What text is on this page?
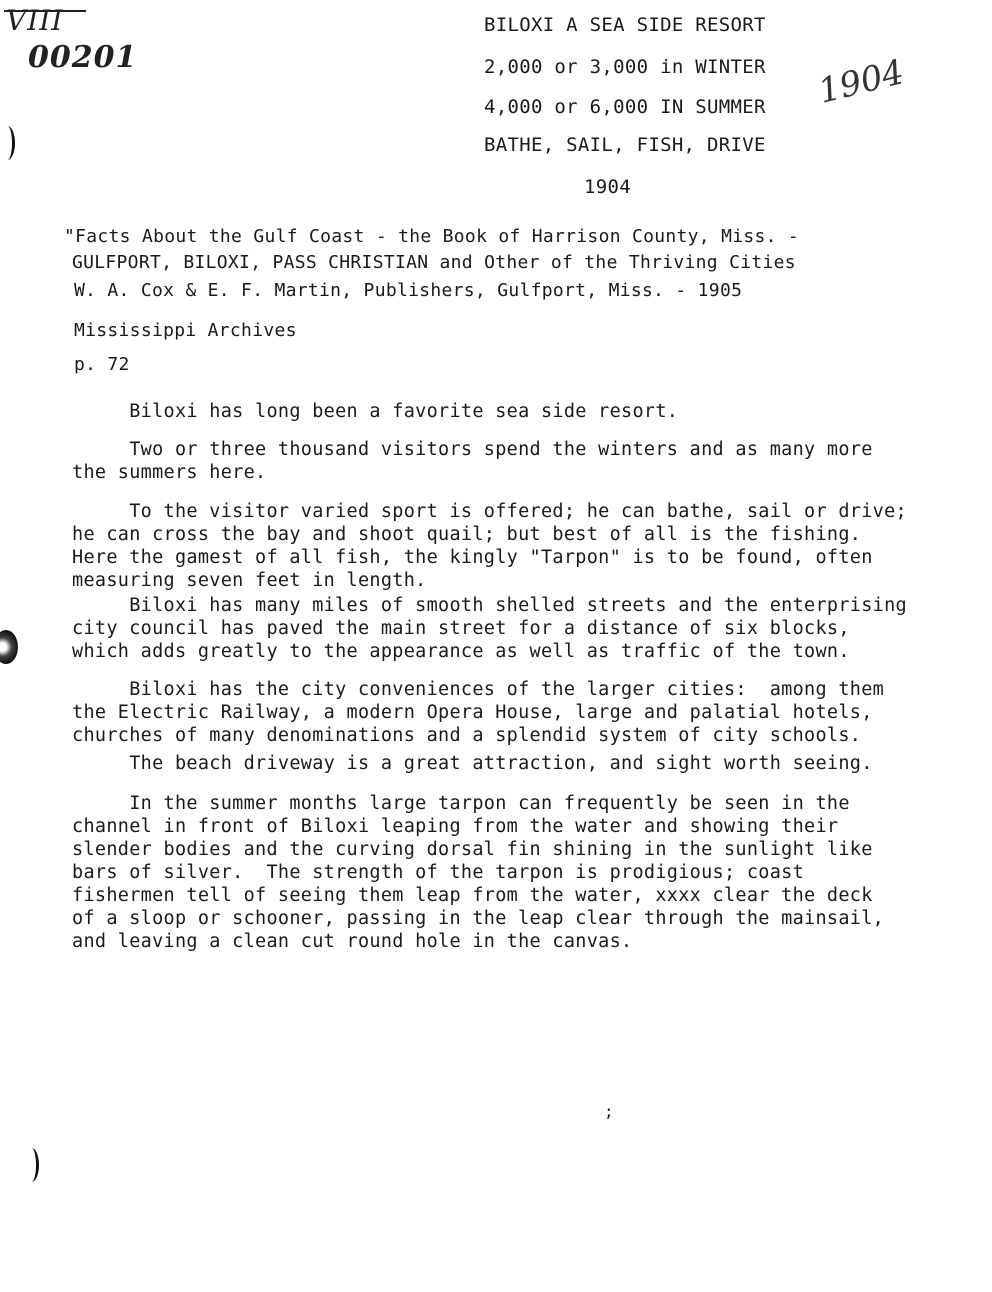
VIII
00201	1904
BILOXI A SEA SIDE RESORT
2,000 or 3,000 in WINTER
4,000 or 6,000 IN SUMMER
BATHE, SAIL, FISH, DRIVE
1904
"Facts About the Gulf Coast - the Book of Harrison County, Miss. -
GULFPORT, BILOXI, PASS CHRISTIAN and Other of the Thriving Cities
W. A. Cox & E. F. Martin, Publishers, Gulfport, Miss. - 1905
Mississippi Archives
p. 72
Biloxi has long been a favorite sea side resort.
Two or three thousand visitors spend the winters and as many more
the summers here.
To the visitor varied sport is offered; he can bathe, sail or drive;
he can cross the bay and shoot quail; but best of all is the fishing.
Here the gamest of all fish, the kingly "Tarpon" is to be found, often
measuring seven feet in length.
Biloxi has many miles of smooth shelled streets and the enterprising
city council has paved the main street for a distance of six blocks,
which adds greatly to the appearance as well as traffic of the town.
Biloxi has the city conveniences of the larger cities:  among them
the Electric Railway, a modern Opera House, large and palatial hotels,
churches of many denominations and a splendid system of city schools.
The beach driveway is a great attraction, and sight worth seeing.
In the summer months large tarpon can frequently be seen in the
channel in front of Biloxi leaping from the water and showing their
slender bodies and the curving dorsal fin shining in the sunlight like
bars of silver.  The strength of the tarpon is prodigious; coast
fishermen tell of seeing them leap from the water, xxxx clear the deck
of a sloop or schooner, passing in the leap clear through the mainsail,
and leaving a clean cut round hole in the canvas.
;
